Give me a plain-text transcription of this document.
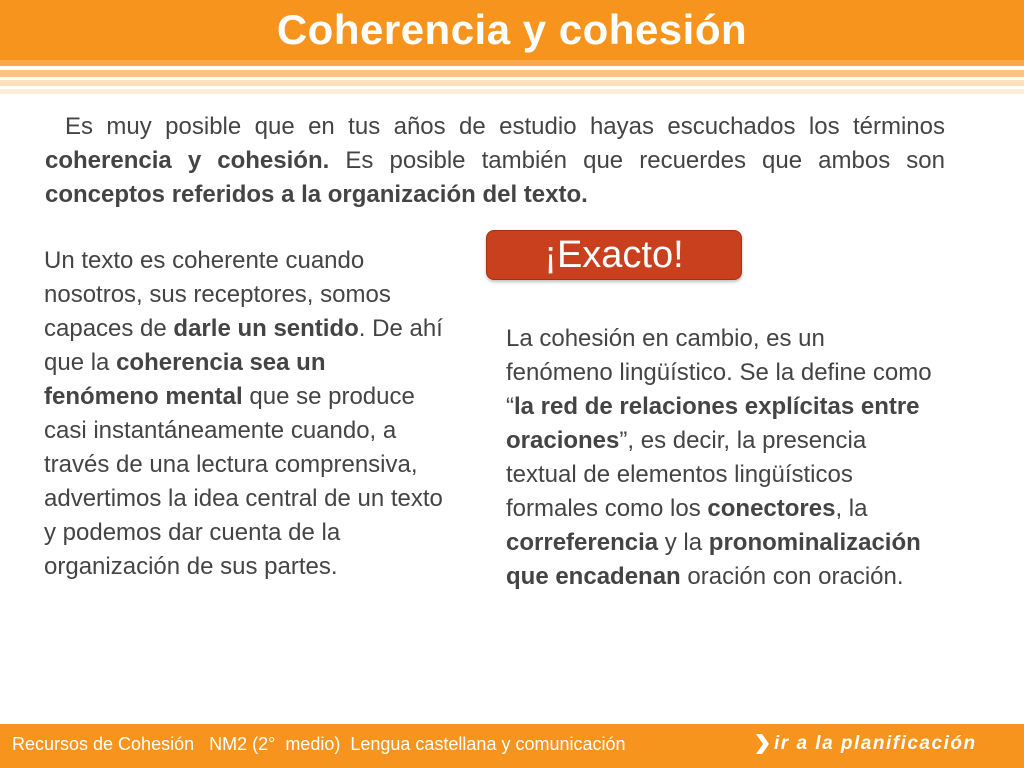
Coherencia y cohesión
Es muy posible que en tus años de estudio hayas escuchados los términos coherencia y cohesión. Es posible también que recuerdes que ambos son conceptos referidos a la organización del texto.
Un texto es coherente cuando nosotros, sus receptores, somos capaces de darle un sentido. De ahí que la coherencia sea un fenómeno mental que se produce casi instantáneamente cuando, a través de una lectura comprensiva, advertimos la idea central de un texto y podemos dar cuenta de la organización de sus partes.
¡Exacto!
La cohesión en cambio, es un fenómeno lingüístico. Se la define como “la red de relaciones explícitas entre oraciones”, es decir, la presencia textual de elementos lingüísticos formales como los conectores, la correferencia y la pronominalización que encadenan oración con oración.
Recursos de Cohesión   NM2 (2°  medio)  Lengua castellana y comunicación	ir a la planificación
